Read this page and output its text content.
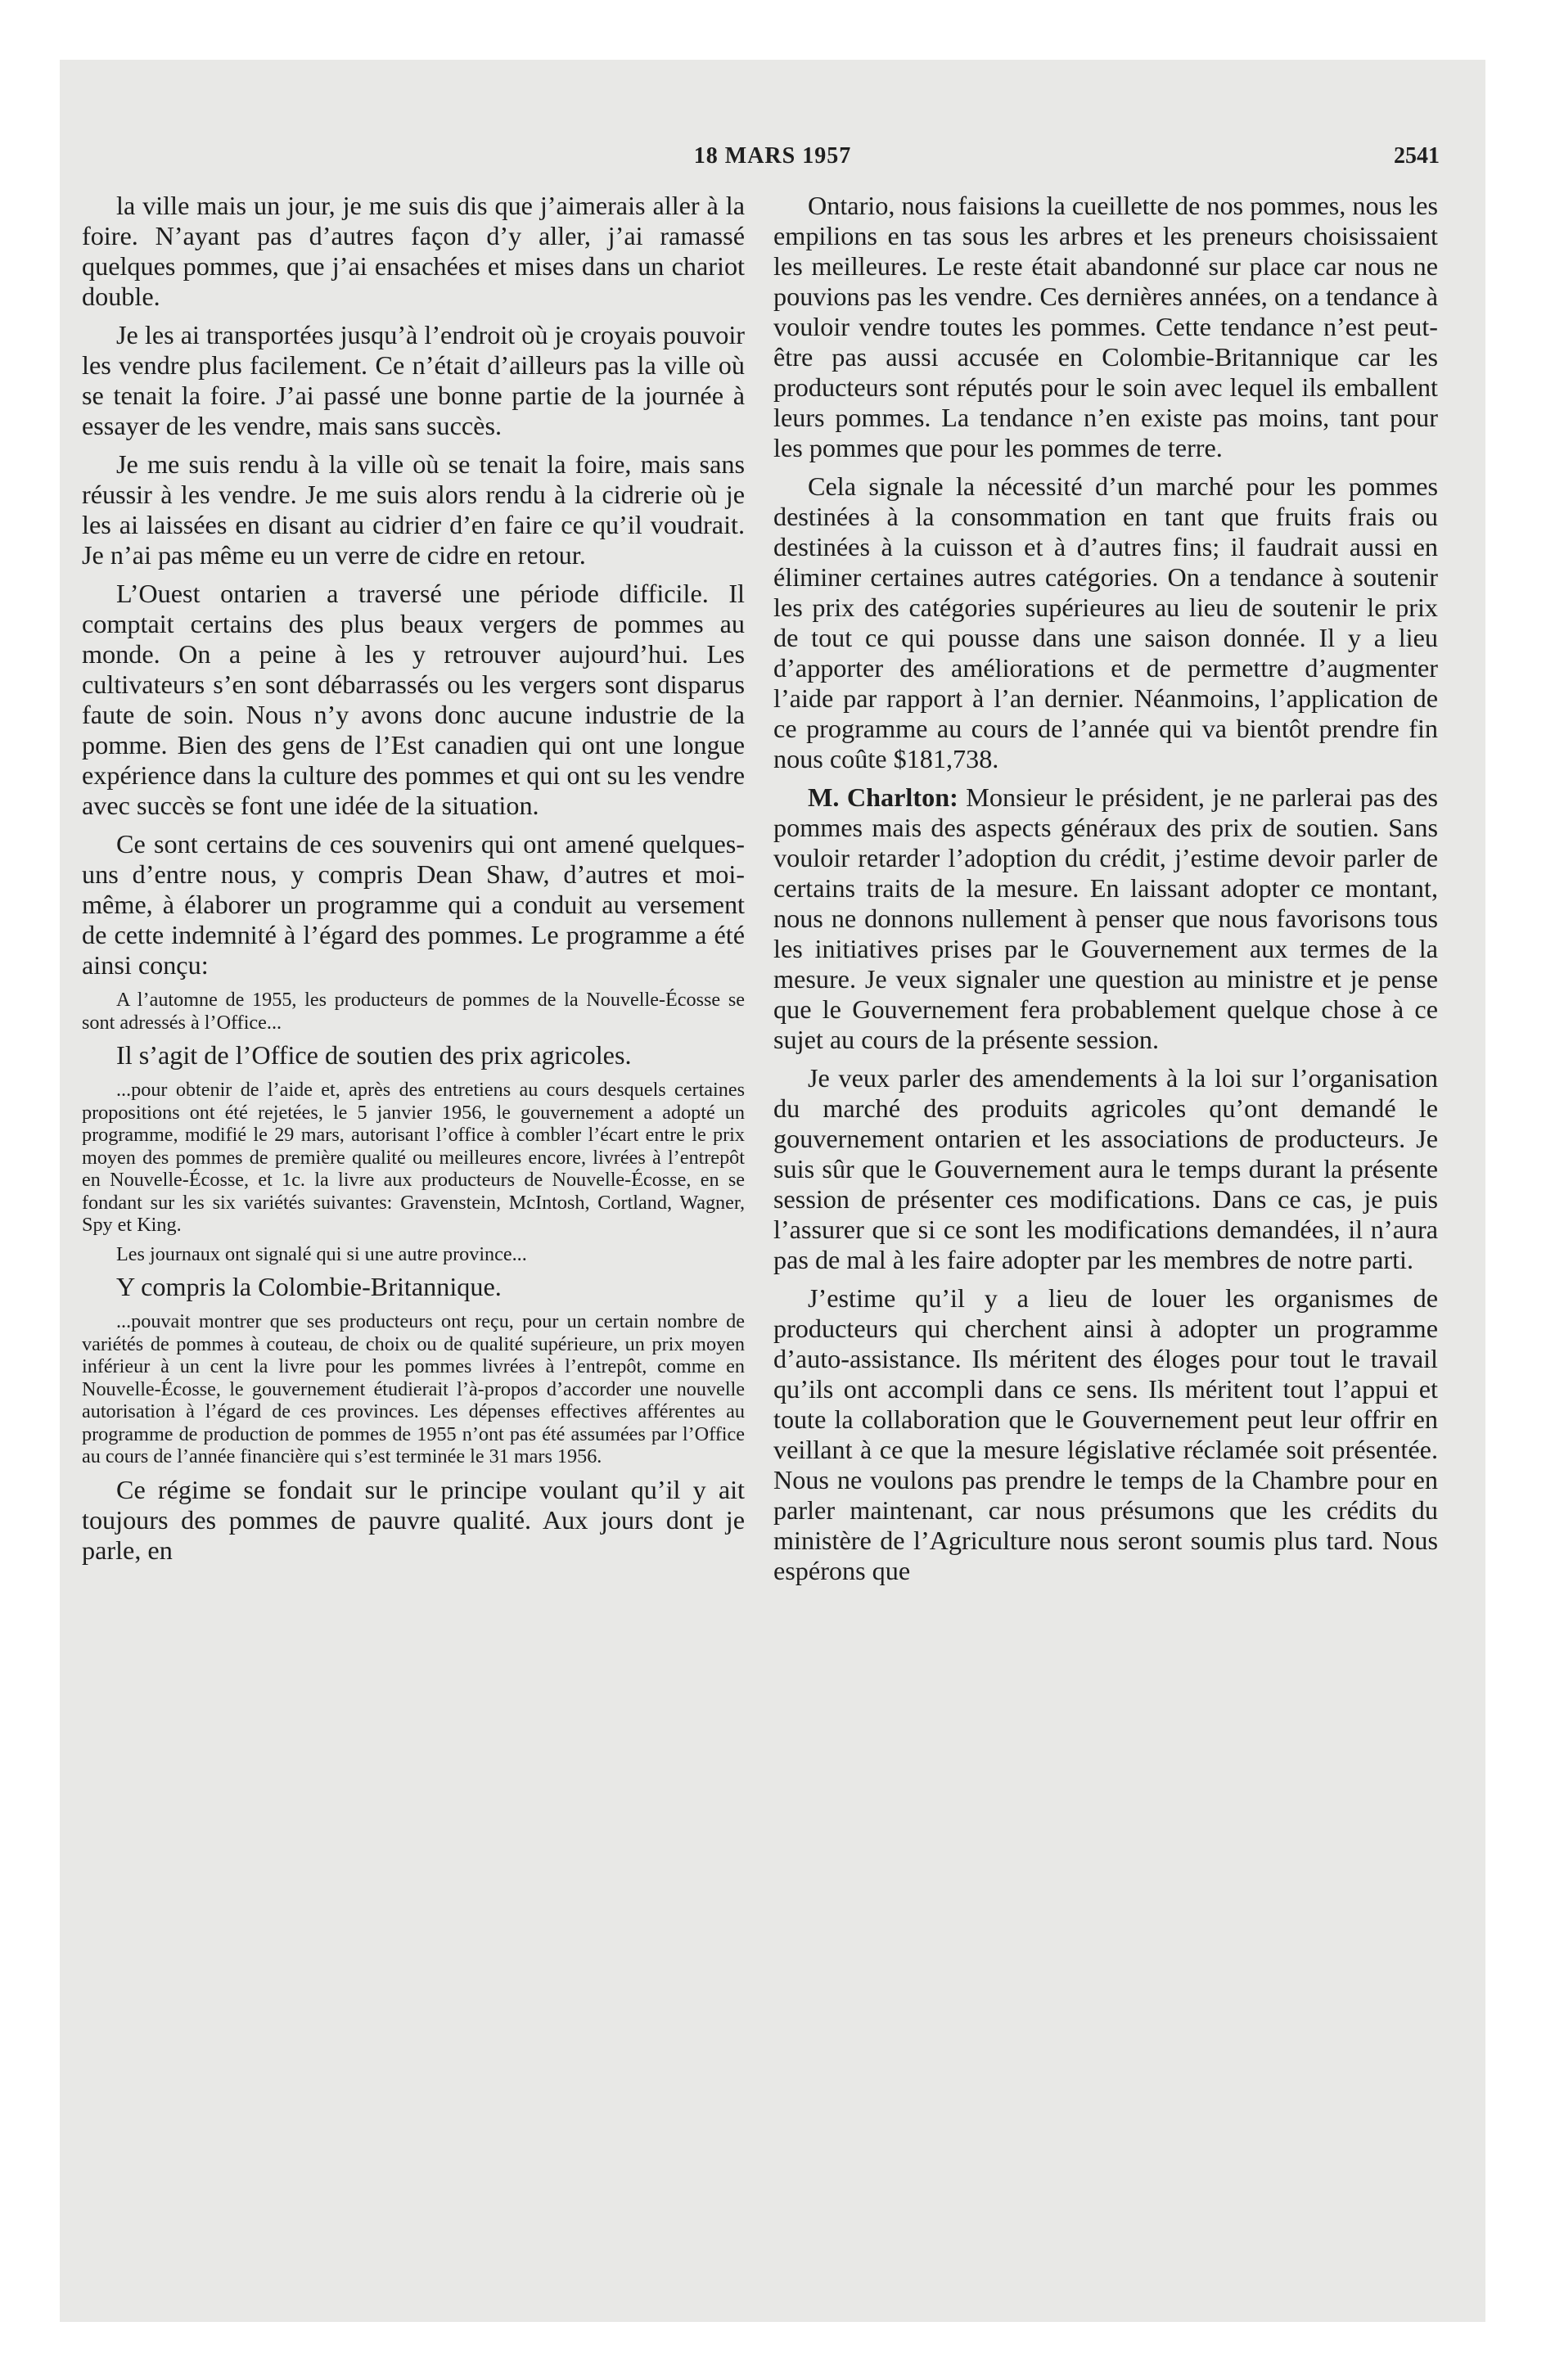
18 MARS 1957	2541

la ville mais un jour, je me suis dis que j’aimerais aller à la foire. N’ayant pas d’autres façon d’y aller, j’ai ramassé quelques pommes, que j’ai ensachées et mises dans un chariot double.

Je les ai transportées jusqu’à l’endroit où je croyais pouvoir les vendre plus facilement. Ce n’était d’ailleurs pas la ville où se tenait la foire. J’ai passé une bonne partie de la journée à essayer de les vendre, mais sans succès.

Je me suis rendu à la ville où se tenait la foire, mais sans réussir à les vendre. Je me suis alors rendu à la cidrerie où je les ai laissées en disant au cidrier d’en faire ce qu’il voudrait. Je n’ai pas même eu un verre de cidre en retour.

L’Ouest ontarien a traversé une période difficile. Il comptait certains des plus beaux vergers de pommes au monde. On a peine à les y retrouver aujourd’hui. Les cultivateurs s’en sont débarrassés ou les vergers sont disparus faute de soin. Nous n’y avons donc aucune industrie de la pomme. Bien des gens de l’Est canadien qui ont une longue expérience dans la culture des pommes et qui ont su les vendre avec succès se font une idée de la situation.

Ce sont certains de ces souvenirs qui ont amené quelques-uns d’entre nous, y compris Dean Shaw, d’autres et moi-même, à élaborer un programme qui a conduit au versement de cette indemnité à l’égard des pommes. Le programme a été ainsi conçu:

A l’automne de 1955, les producteurs de pommes de la Nouvelle-Écosse se sont adressés à l’Office...

Il s’agit de l’Office de soutien des prix agricoles.

...pour obtenir de l’aide et, après des entretiens au cours desquels certaines propositions ont été rejetées, le 5 janvier 1956, le gouvernement a adopté un programme, modifié le 29 mars, autorisant l’office à combler l’écart entre le prix moyen des pommes de première qualité ou meilleures encore, livrées à l’entrepôt en Nouvelle-Écosse, et 1c. la livre aux producteurs de Nouvelle-Écosse, en se fondant sur les six variétés suivantes: Gravenstein, McIntosh, Cortland, Wagner, Spy et King.

Les journaux ont signalé qui si une autre province...

Y compris la Colombie-Britannique.

...pouvait montrer que ses producteurs ont reçu, pour un certain nombre de variétés de pommes à couteau, de choix ou de qualité supérieure, un prix moyen inférieur à un cent la livre pour les pommes livrées à l’entrepôt, comme en Nouvelle-Écosse, le gouvernement étudierait l’à-propos d’accorder une nouvelle autorisation à l’égard de ces provinces. Les dépenses effectives afférentes au programme de production de pommes de 1955 n’ont pas été assumées par l’Office au cours de l’année financière qui s’est terminée le 31 mars 1956.

Ce régime se fondait sur le principe voulant qu’il y ait toujours des pommes de pauvre qualité. Aux jours dont je parle, en

Ontario, nous faisions la cueillette de nos pommes, nous les empilions en tas sous les arbres et les preneurs choisissaient les meilleures. Le reste était abandonné sur place car nous ne pouvions pas les vendre. Ces dernières années, on a tendance à vouloir vendre toutes les pommes. Cette tendance n’est peut-être pas aussi accusée en Colombie-Britannique car les producteurs sont réputés pour le soin avec lequel ils emballent leurs pommes. La tendance n’en existe pas moins, tant pour les pommes que pour les pommes de terre.

Cela signale la nécessité d’un marché pour les pommes destinées à la consommation en tant que fruits frais ou destinées à la cuisson et à d’autres fins; il faudrait aussi en éliminer certaines autres catégories. On a tendance à soutenir les prix des catégories supérieures au lieu de soutenir le prix de tout ce qui pousse dans une saison donnée. Il y a lieu d’apporter des améliorations et de permettre d’augmenter l’aide par rapport à l’an dernier. Néanmoins, l’application de ce programme au cours de l’année qui va bientôt prendre fin nous coûte $181,738.

M. Charlton: Monsieur le président, je ne parlerai pas des pommes mais des aspects généraux des prix de soutien. Sans vouloir retarder l’adoption du crédit, j’estime devoir parler de certains traits de la mesure. En laissant adopter ce montant, nous ne donnons nullement à penser que nous favorisons tous les initiatives prises par le Gouvernement aux termes de la mesure. Je veux signaler une question au ministre et je pense que le Gouvernement fera probablement quelque chose à ce sujet au cours de la présente session.

Je veux parler des amendements à la loi sur l’organisation du marché des produits agricoles qu’ont demandé le gouvernement ontarien et les associations de producteurs. Je suis sûr que le Gouvernement aura le temps durant la présente session de présenter ces modifications. Dans ce cas, je puis l’assurer que si ce sont les modifications demandées, il n’aura pas de mal à les faire adopter par les membres de notre parti.

J’estime qu’il y a lieu de louer les organismes de producteurs qui cherchent ainsi à adopter un programme d’auto-assistance. Ils méritent des éloges pour tout le travail qu’ils ont accompli dans ce sens. Ils méritent tout l’appui et toute la collaboration que le Gouvernement peut leur offrir en veillant à ce que la mesure législative réclamée soit présentée. Nous ne voulons pas prendre le temps de la Chambre pour en parler maintenant, car nous présumons que les crédits du ministère de l’Agriculture nous seront soumis plus tard. Nous espérons que
